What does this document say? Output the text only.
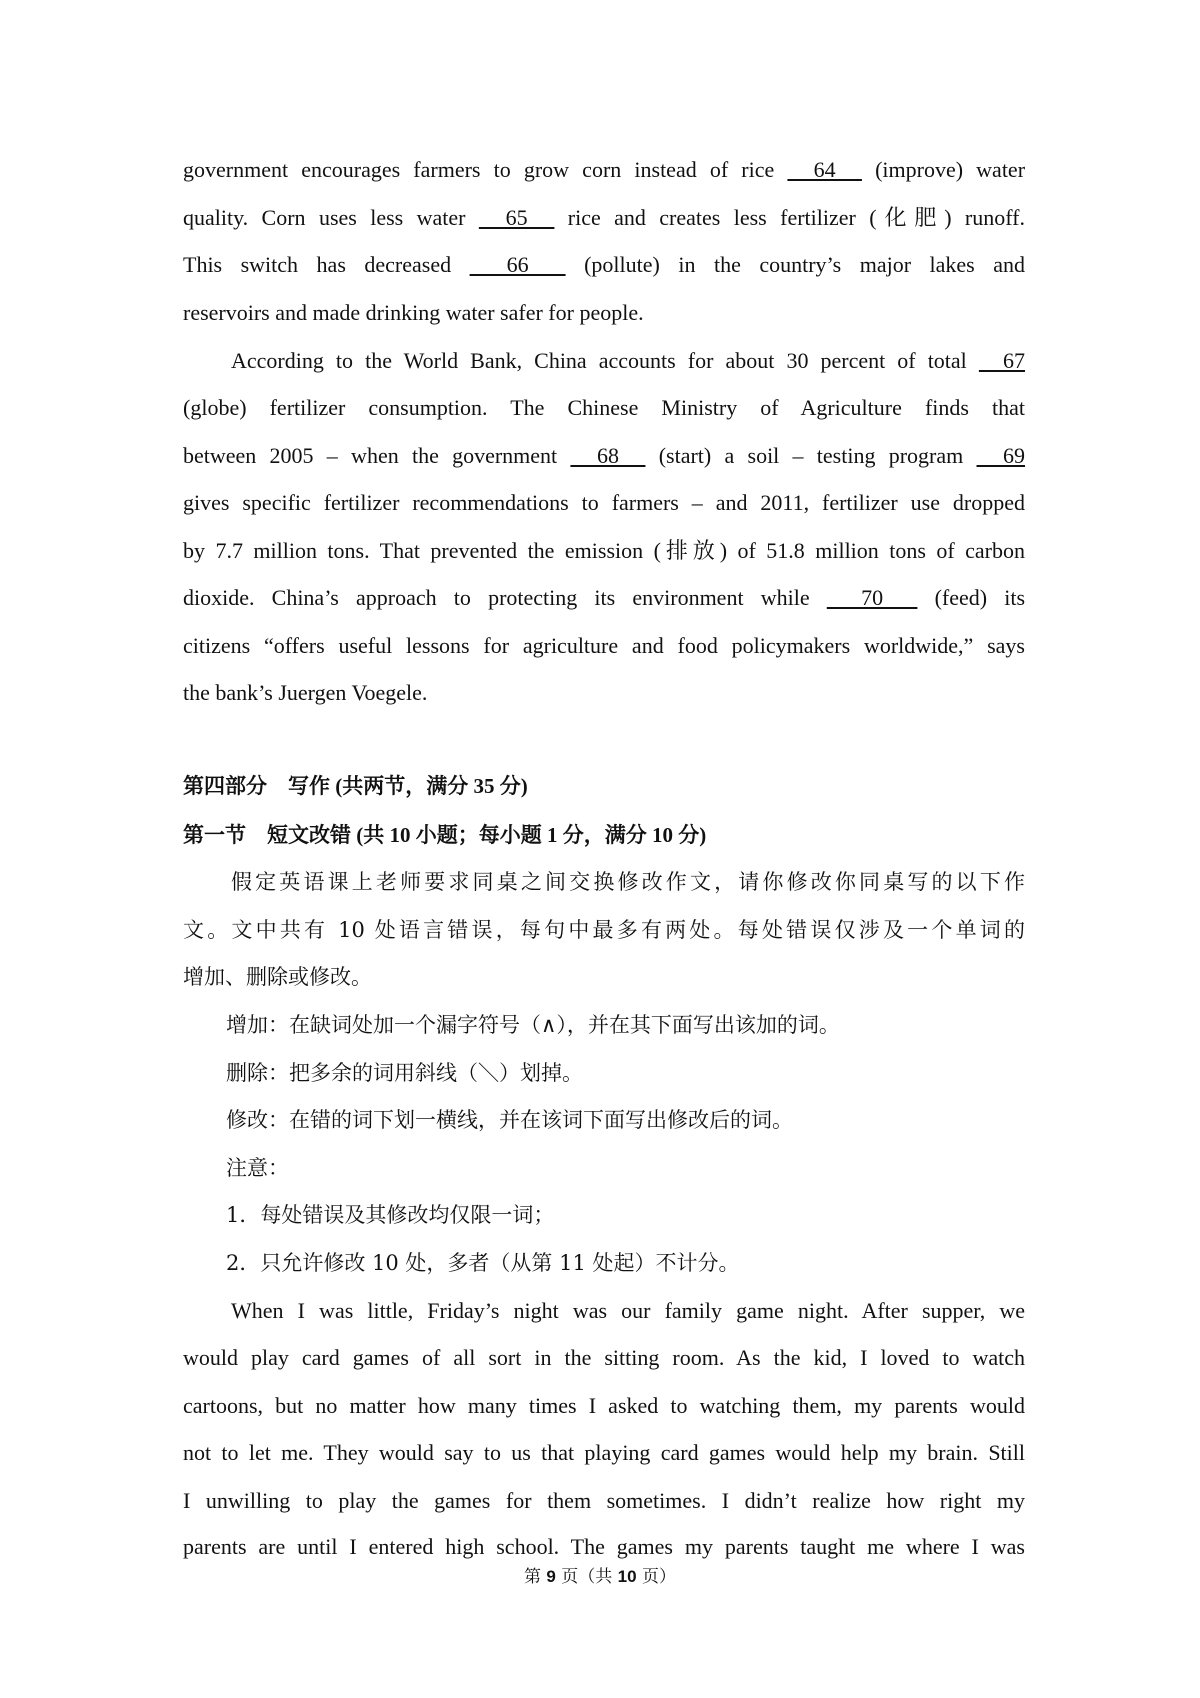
government encourages farmers to grow corn instead of rice   64   (improve) water
quality. Corn uses less water   65   rice and creates less fertilizer (化肥) runoff.
This switch has decreased   66   (pollute) in the country’s major lakes and
reservoirs and made drinking water safer for people.
According to the World Bank, China accounts for about 30 percent of total   67
(globe) fertilizer consumption. The Chinese Ministry of Agriculture finds that
between 2005 – when the government   68   (start) a soil – testing program   69
gives specific fertilizer recommendations to farmers – and 2011, fertilizer use dropped
by 7.7 million tons. That prevented the emission (排放) of 51.8 million tons of carbon
dioxide. China’s approach to protecting its environment while   70   (feed) its
citizens “offers useful lessons for agriculture and food policymakers worldwide,” says
the bank’s Juergen Voegele.
第四部分　写作 (共两节，满分 35 分)
第一节　短文改错 (共 10 小题；每小题 1 分，满分 10 分)
假定英语课上老师要求同桌之间交换修改作文，请你修改你同桌写的以下作
文。文中共有 10 处语言错误，每句中最多有两处。每处错误仅涉及一个单词的
增加、删除或修改。
增加：在缺词处加一个漏字符号（∧），并在其下面写出该加的词。
删除：把多余的词用斜线（＼）划掉。
修改：在错的词下划一横线，并在该词下面写出修改后的词。
注意：
1．每处错误及其修改均仅限一词；
2．只允许修改 10 处，多者（从第 11 处起）不计分。
When I was little, Friday’s night was our family game night. After supper, we
would play card games of all sort in the sitting room. As the kid, I loved to watch
cartoons, but no matter how many times I asked to watching them, my parents would
not to let me. They would say to us that playing card games would help my brain. Still
I unwilling to play the games for them sometimes. I didn’t realize how right my
parents are until I entered high school. The games my parents taught me where I was
第 9 页（共 10 页）
